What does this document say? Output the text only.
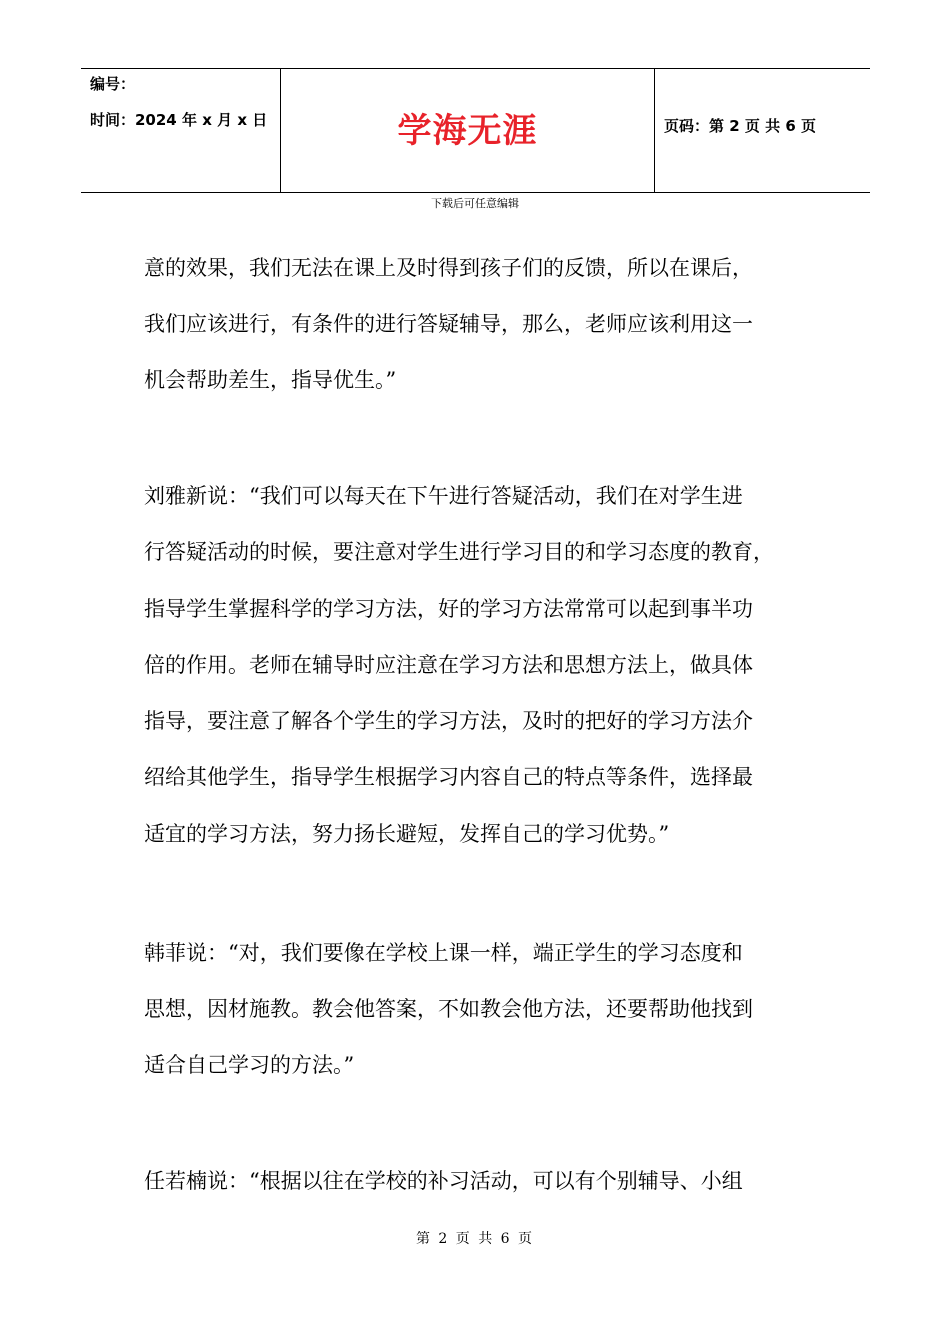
编号：
时间：2024 年 x 月 x 日	学海无涯	页码：第 2 页 共 6 页
下载后可任意编辑
意的效果，我们无法在课上及时得到孩子们的反馈，所以在课后，
我们应该进行，有条件的进行答疑辅导，那么，老师应该利用这一
机会帮助差生，指导优生。”
刘雅新说：“我们可以每天在下午进行答疑活动，我们在对学生进
行答疑活动的时候，要注意对学生进行学习目的和学习态度的教育，
指导学生掌握科学的学习方法，好的学习方法常常可以起到事半功
倍的作用。老师在辅导时应注意在学习方法和思想方法上，做具体
指导，要注意了解各个学生的学习方法，及时的把好的学习方法介
绍给其他学生，指导学生根据学习内容自己的特点等条件，选择最
适宜的学习方法，努力扬长避短，发挥自己的学习优势。”
韩菲说：“对，我们要像在学校上课一样，端正学生的学习态度和
思想，因材施教。教会他答案，不如教会他方法，还要帮助他找到
适合自己学习的方法。”
任若楠说：“根据以往在学校的补习活动，可以有个别辅导、小组
第 2 页 共 6 页
